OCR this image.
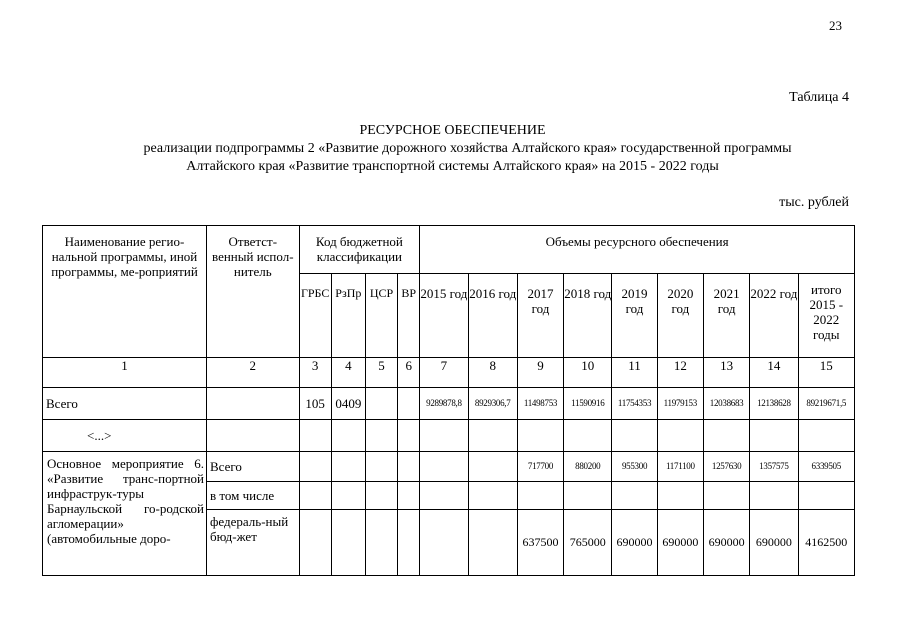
23
Таблица 4
РЕСУРСНОЕ ОБЕСПЕЧЕНИЕ
реализации подпрограммы 2 «Развитие дорожного хозяйства Алтайского края» государственной программы
Алтайского края «Развитие транспортной системы Алтайского края» на 2015 - 2022 годы
тыс. рублей
Наименование регио-нальной программы, иной программы, ме-роприятий	Ответст-венный испол-нитель	Код бюджетной классификации				Объемы ресурсного обеспечения								
		ГРБС	РзПр	ЦСР	ВР	2015 год	2016 год	2017 год	2018 год	2019 год	2020 год	2021 год	2022 год	итого 2015 - 2022 годы
1	2	3	4	5	6	7	8	9	10	11	12	13	14	15
Всего		105	0409			9289878,8	8929306,7	11498753	11590916	11754353	11979153	12038683	12138628	89219671,5
<...>														
Основное мероприятие 6. «Развитие транс-портной инфраструк-туры Барнаульской го-родской агломерации» (автомобильные доро-	Всего							717700	880200	955300	1171100	1257630	1357575	6339505
	в том числе													
	федераль-ный бюд-жет							637500	765000	690000	690000	690000	690000	4162500
